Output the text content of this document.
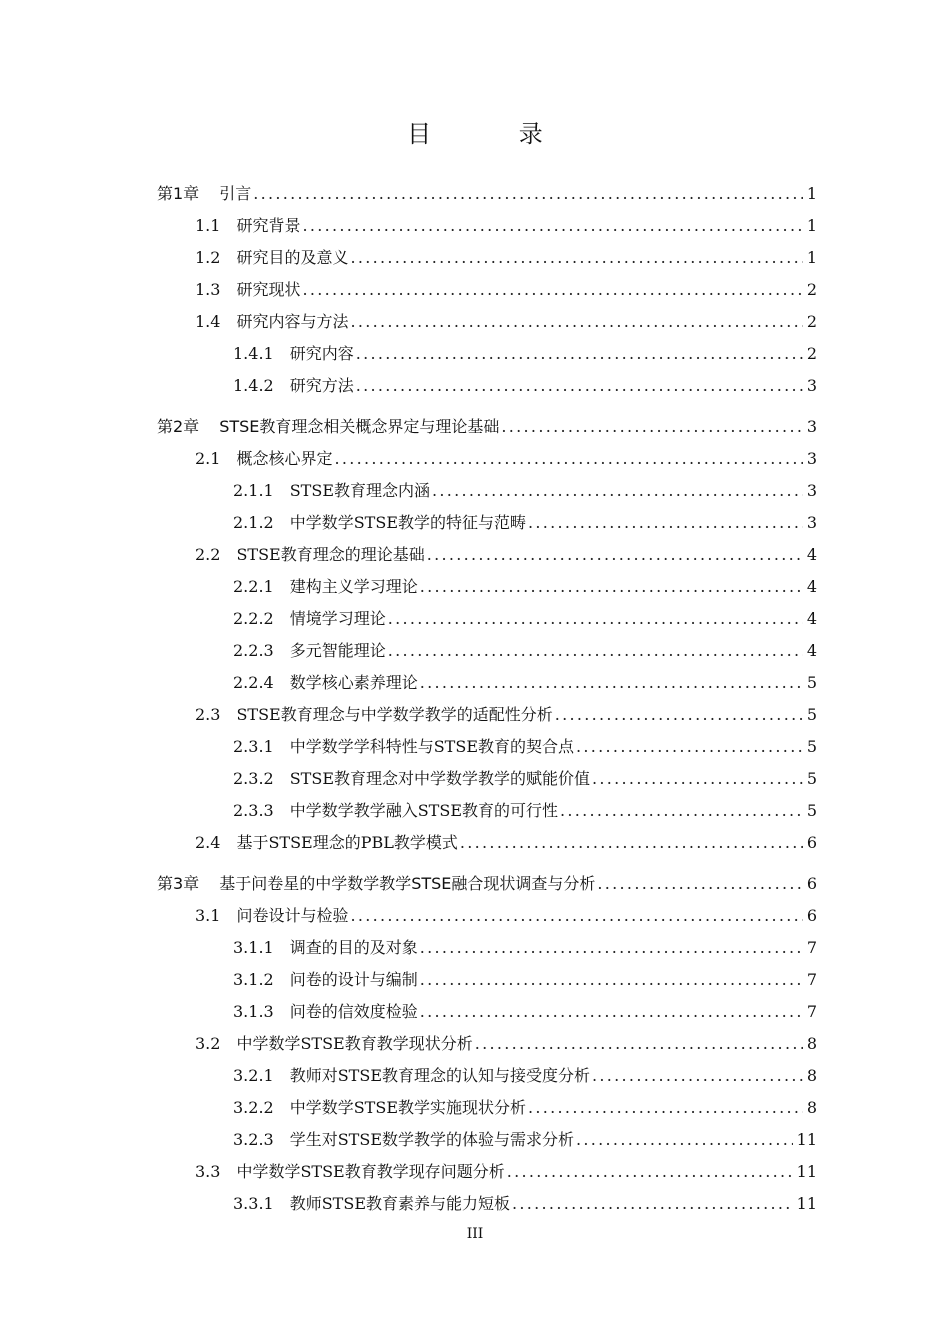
目 录
第1章 引言 .....	1
1.1 研究背景 .....	1
1.2 研究目的及意义 .....	1
1.3 研究现状 .....	2
1.4 研究内容与方法 .....	2
1.4.1 研究内容 .....	2
1.4.2 研究方法 .....	3
第2章 STSE教育理念相关概念界定与理论基础 .....	3
2.1 概念核心界定 .....	3
2.1.1 STSE教育理念内涵 .....	3
2.1.2 中学数学STSE教学的特征与范畴 .....	3
2.2 STSE教育理念的理论基础 .....	4
2.2.1 建构主义学习理论 .....	4
2.2.2 情境学习理论 .....	4
2.2.3 多元智能理论 .....	4
2.2.4 数学核心素养理论 .....	5
2.3 STSE教育理念与中学数学教学的适配性分析 .....	5
2.3.1 中学数学学科特性与STSE教育的契合点 .....	5
2.3.2 STSE教育理念对中学数学教学的赋能价值 .....	5
2.3.3 中学数学教学融入STSE教育的可行性 .....	5
2.4 基于STSE理念的PBL教学模式 .....	6
第3章 基于问卷星的中学数学教学STSE融合现状调查与分析 .....	6
3.1 问卷设计与检验 .....	6
3.1.1 调查的目的及对象 .....	7
3.1.2 问卷的设计与编制 .....	7
3.1.3 问卷的信效度检验 .....	7
3.2 中学数学STSE教育教学现状分析 .....	8
3.2.1 教师对STSE教育理念的认知与接受度分析 .....	8
3.2.2 中学数学STSE教学实施现状分析 .....	8
3.2.3 学生对STSE数学教学的体验与需求分析 .....	11
3.3 中学数学STSE教育教学现存问题分析 .....	11
3.3.1 教师STSE教育素养与能力短板 .....	11
III
